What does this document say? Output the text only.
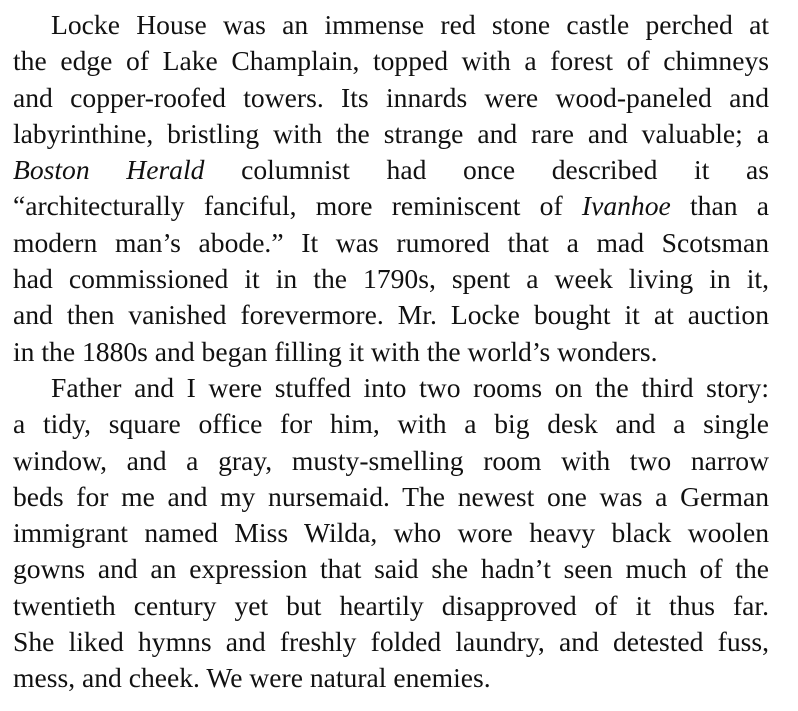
Locke House was an immense red stone castle perched at
the edge of Lake Champlain, topped with a forest of chimneys
and copper-roofed towers. Its innards were wood-paneled and
labyrinthine, bristling with the strange and rare and valuable; a
Boston Herald columnist had once described it as
“architecturally fanciful, more reminiscent of Ivanhoe than a
modern man’s abode.” It was rumored that a mad Scotsman
had commissioned it in the 1790s, spent a week living in it,
and then vanished forevermore. Mr. Locke bought it at auction
in the 1880s and began filling it with the world’s wonders.

Father and I were stuffed into two rooms on the third story:
a tidy, square office for him, with a big desk and a single
window, and a gray, musty-smelling room with two narrow
beds for me and my nursemaid. The newest one was a German
immigrant named Miss Wilda, who wore heavy black woolen
gowns and an expression that said she hadn’t seen much of the
twentieth century yet but heartily disapproved of it thus far.
She liked hymns and freshly folded laundry, and detested fuss,
mess, and cheek. We were natural enemies.
